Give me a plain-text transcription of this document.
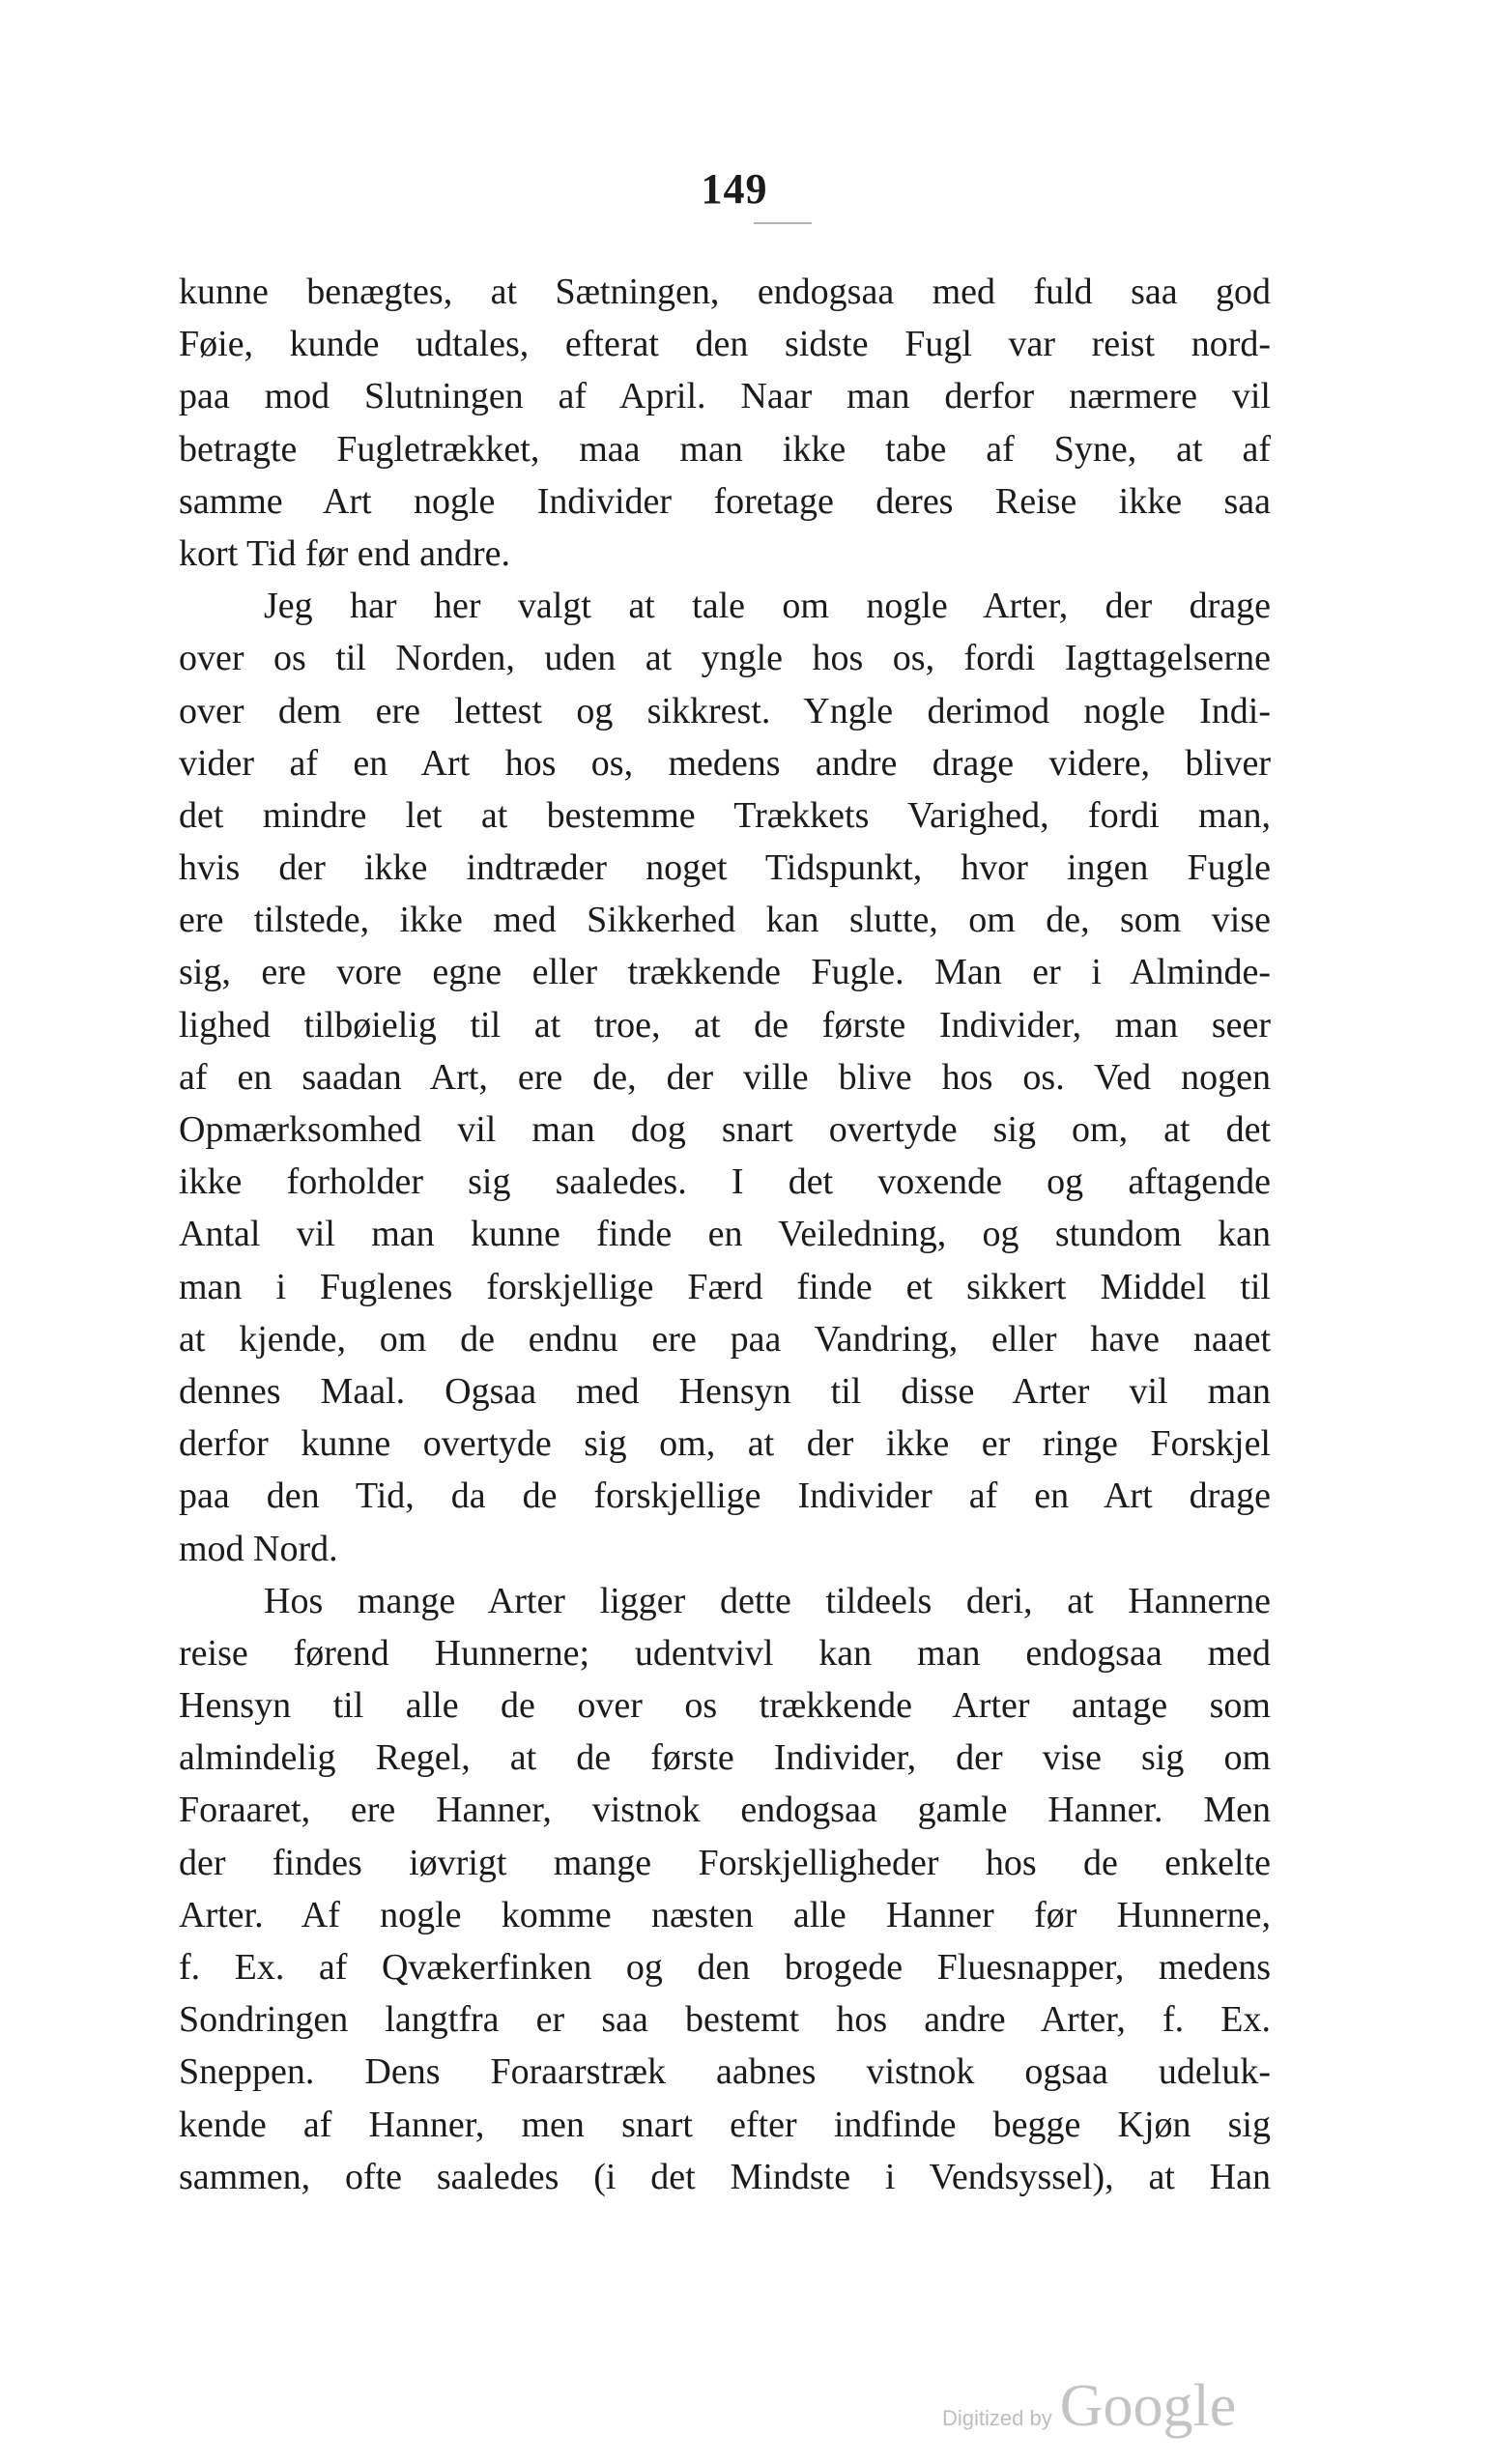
149
kunne benægtes, at Sætningen, endogsaa med fuld saa god
Føie, kunde udtales, efterat den sidste Fugl var reist nord-
paa mod Slutningen af April. Naar man derfor nærmere vil
betragte Fugletrækket, maa man ikke tabe af Syne, at af
samme Art nogle Individer foretage deres Reise ikke saa
kort Tid før end andre.
Jeg har her valgt at tale om nogle Arter, der drage
over os til Norden, uden at yngle hos os, fordi Iagttagelserne
over dem ere lettest og sikkrest. Yngle derimod nogle Indi-
vider af en Art hos os, medens andre drage videre, bliver
det mindre let at bestemme Trækkets Varighed, fordi man,
hvis der ikke indtræder noget Tidspunkt, hvor ingen Fugle
ere tilstede, ikke med Sikkerhed kan slutte, om de, som vise
sig, ere vore egne eller trækkende Fugle. Man er i Alminde-
lighed tilbøielig til at troe, at de første Individer, man seer
af en saadan Art, ere de, der ville blive hos os. Ved nogen
Opmærksomhed vil man dog snart overtyde sig om, at det
ikke forholder sig saaledes. I det voxende og aftagende
Antal vil man kunne finde en Veiledning, og stundom kan
man i Fuglenes forskjellige Færd finde et sikkert Middel til
at kjende, om de endnu ere paa Vandring, eller have naaet
dennes Maal. Ogsaa med Hensyn til disse Arter vil man
derfor kunne overtyde sig om, at der ikke er ringe Forskjel
paa den Tid, da de forskjellige Individer af en Art drage
mod Nord.
Hos mange Arter ligger dette tildeels deri, at Hannerne
reise førend Hunnerne; udentvivl kan man endogsaa med
Hensyn til alle de over os trækkende Arter antage som
almindelig Regel, at de første Individer, der vise sig om
Foraaret, ere Hanner, vistnok endogsaa gamle Hanner. Men
der findes iøvrigt mange Forskjelligheder hos de enkelte
Arter. Af nogle komme næsten alle Hanner før Hunnerne,
f. Ex. af Qvækerfinken og den brogede Fluesnapper, medens
Sondringen langtfra er saa bestemt hos andre Arter, f. Ex.
Sneppen. Dens Foraarstræk aabnes vistnok ogsaa udeluk-
kende af Hanner, men snart efter indfinde begge Kjøn sig
sammen, ofte saaledes (i det Mindste i Vendsyssel), at Han
Digitized by Google
